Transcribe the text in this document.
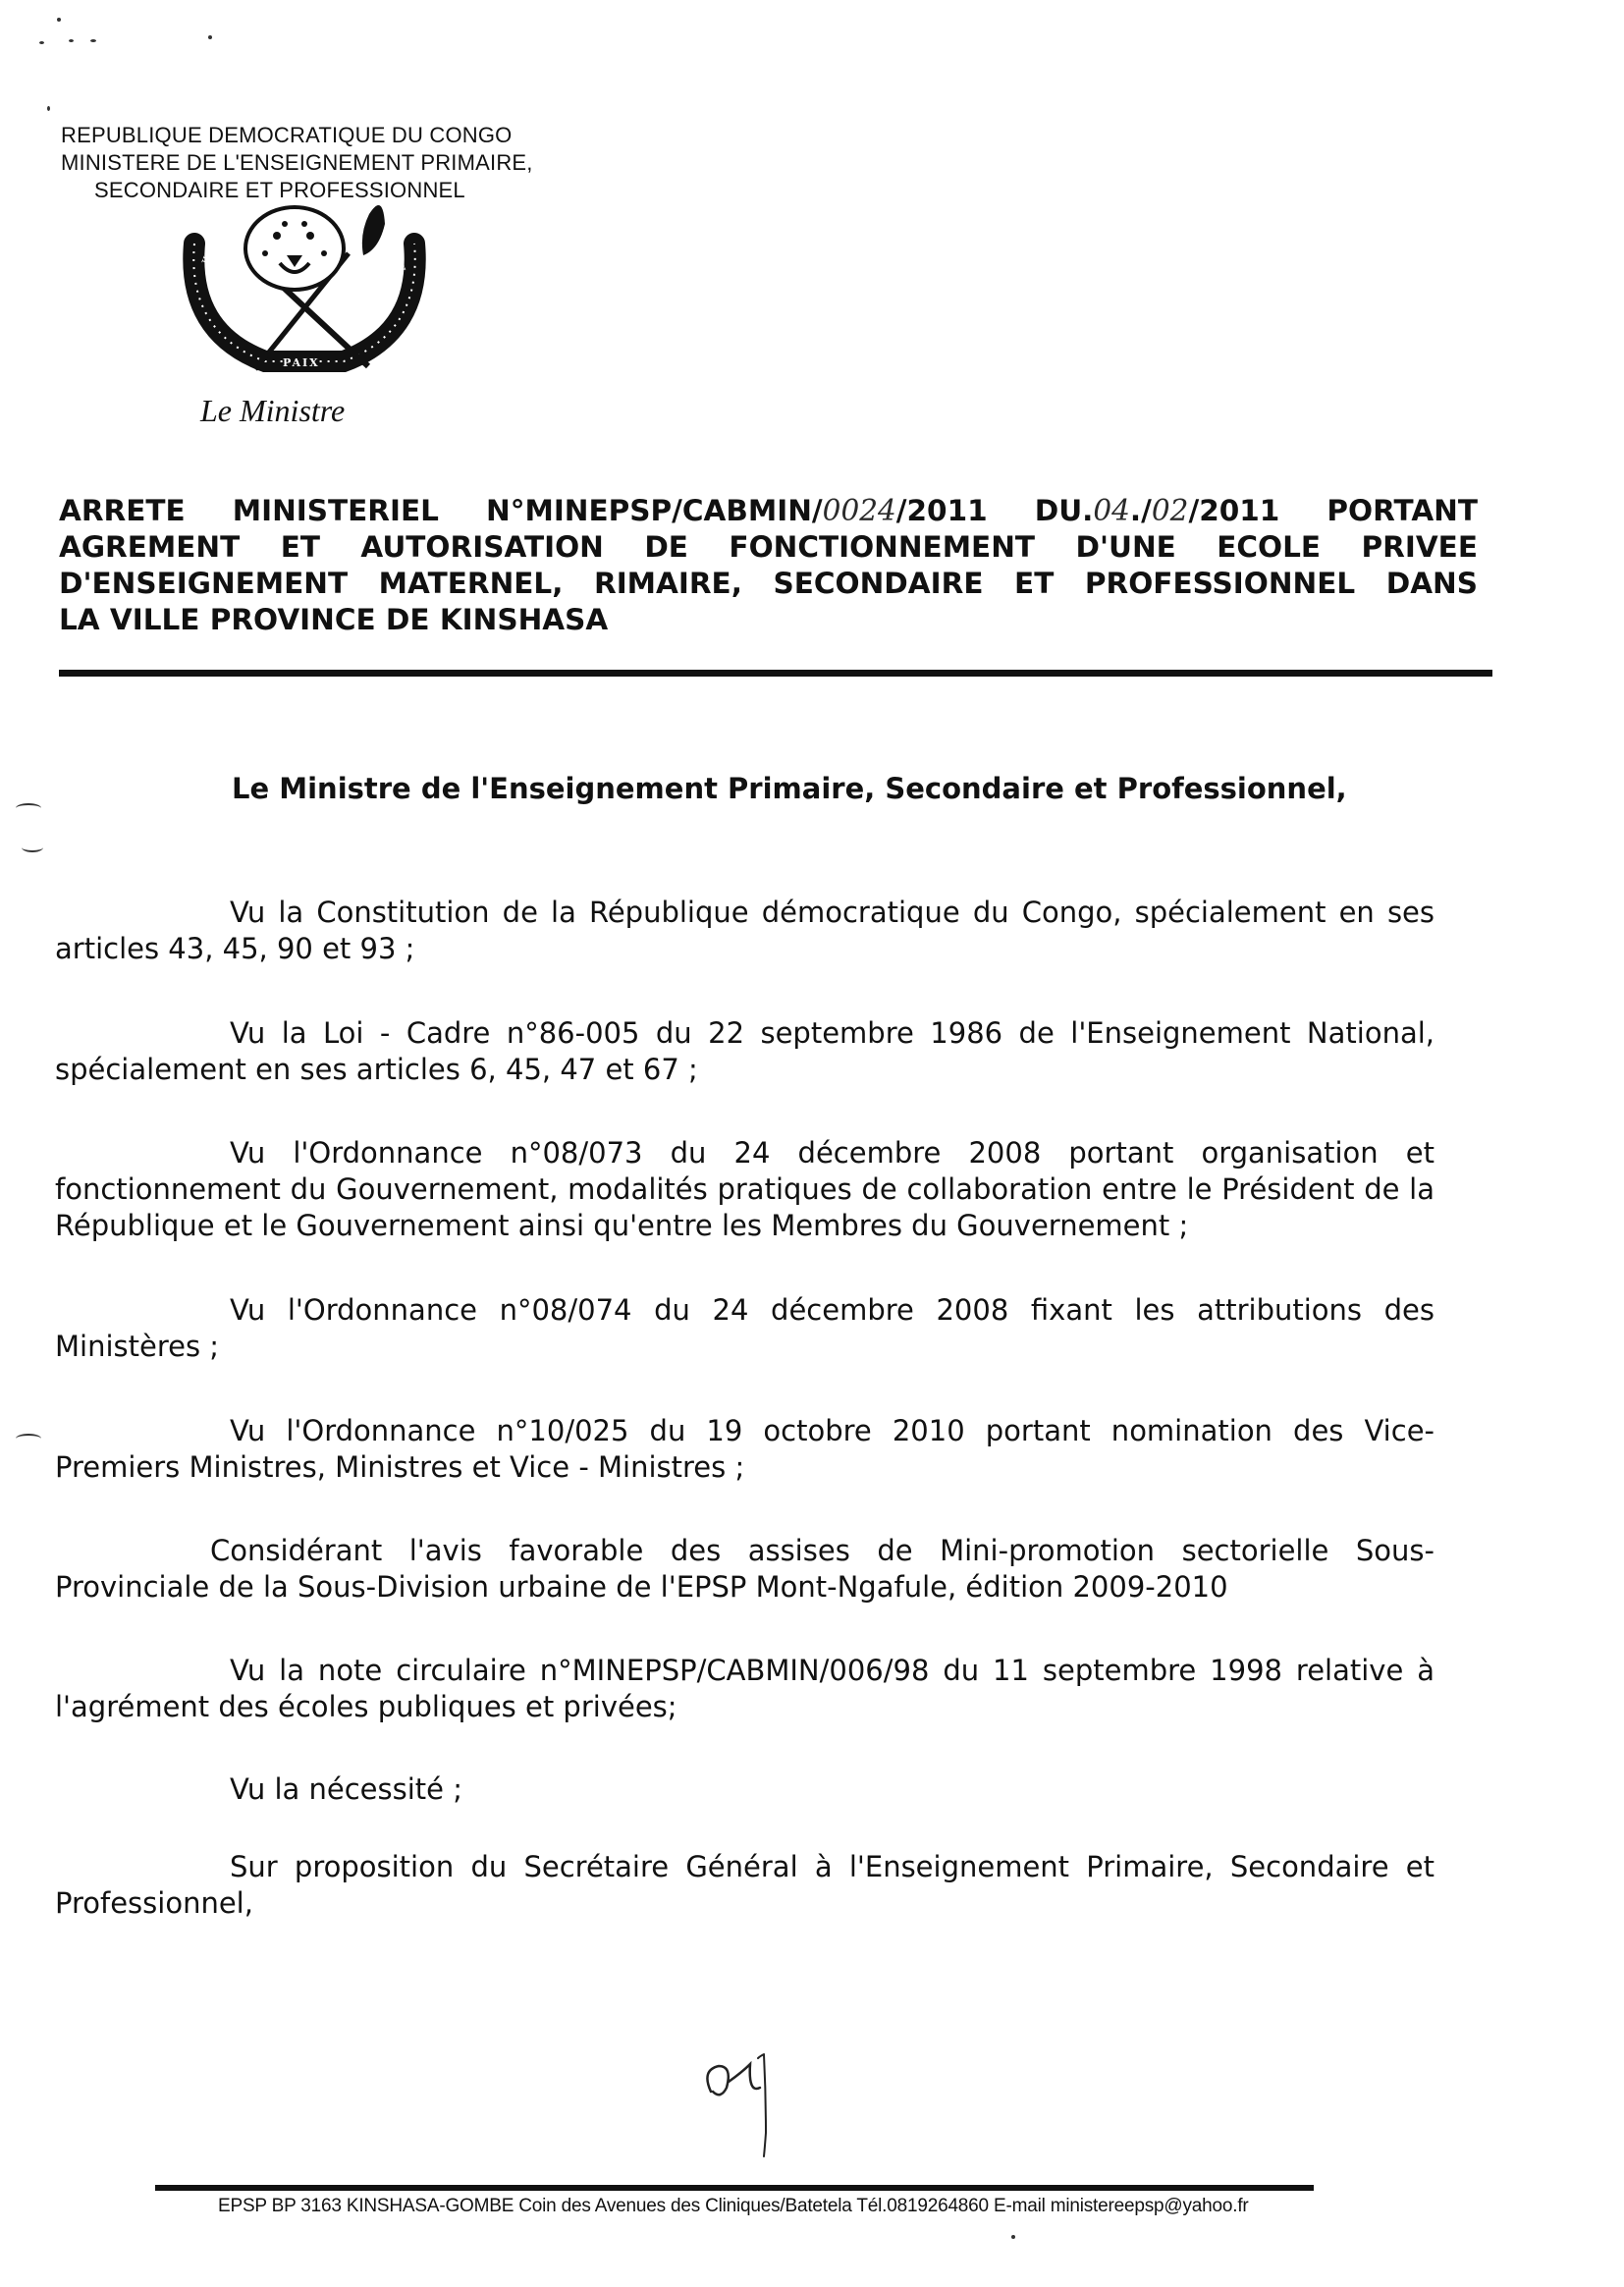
REPUBLIQUE DEMOCRATIQUE DU CONGO
MINISTERE DE L'ENSEIGNEMENT PRIMAIRE,
SECONDAIRE ET PROFESSIONNEL
JUSTICE
PAIX
TRAVAIL
Le Ministre
ARRETE MINISTERIEL N°MINEPSP/CABMIN/0024/2011 DU.04./02/2011 PORTANT AGREMENT ET AUTORISATION DE FONCTIONNEMENT D'UNE ECOLE PRIVEE D'ENSEIGNEMENT MATERNEL, RIMAIRE, SECONDAIRE ET PROFESSIONNEL DANS
LA VILLE PROVINCE DE KINSHASA
Le Ministre de l'Enseignement Primaire, Secondaire et Professionnel,
Vu la Constitution de la République démocratique du Congo, spécialement en ses articles 43, 45, 90 et 93 ;
Vu la Loi - Cadre n°86-005 du 22 septembre 1986 de l'Enseignement National, spécialement en ses articles 6, 45, 47 et 67 ;
Vu l'Ordonnance n°08/073 du 24 décembre 2008 portant organisation et fonctionnement du Gouvernement, modalités pratiques de collaboration entre le Président de la République et le Gouvernement ainsi qu'entre les Membres du Gouvernement ;
Vu l'Ordonnance n°08/074 du 24 décembre 2008 fixant les attributions des Ministères ;
Vu l'Ordonnance n°10/025 du 19 octobre 2010 portant nomination des Vice-Premiers Ministres, Ministres et Vice - Ministres ;
Considérant l'avis favorable des assises de Mini-promotion sectorielle Sous-Provinciale de la Sous-Division urbaine de l'EPSP Mont-Ngafule, édition 2009-2010
Vu la note circulaire n°MINEPSP/CABMIN/006/98 du 11 septembre 1998 relative à l'agrément des écoles publiques et privées;
Vu la nécessité ;
Sur proposition du Secrétaire Général à l'Enseignement Primaire, Secondaire et Professionnel,
EPSP BP 3163 KINSHASA-GOMBE Coin des Avenues des Cliniques/Batetela Tél.0819264860 E-mail ministereepsp@yahoo.fr
